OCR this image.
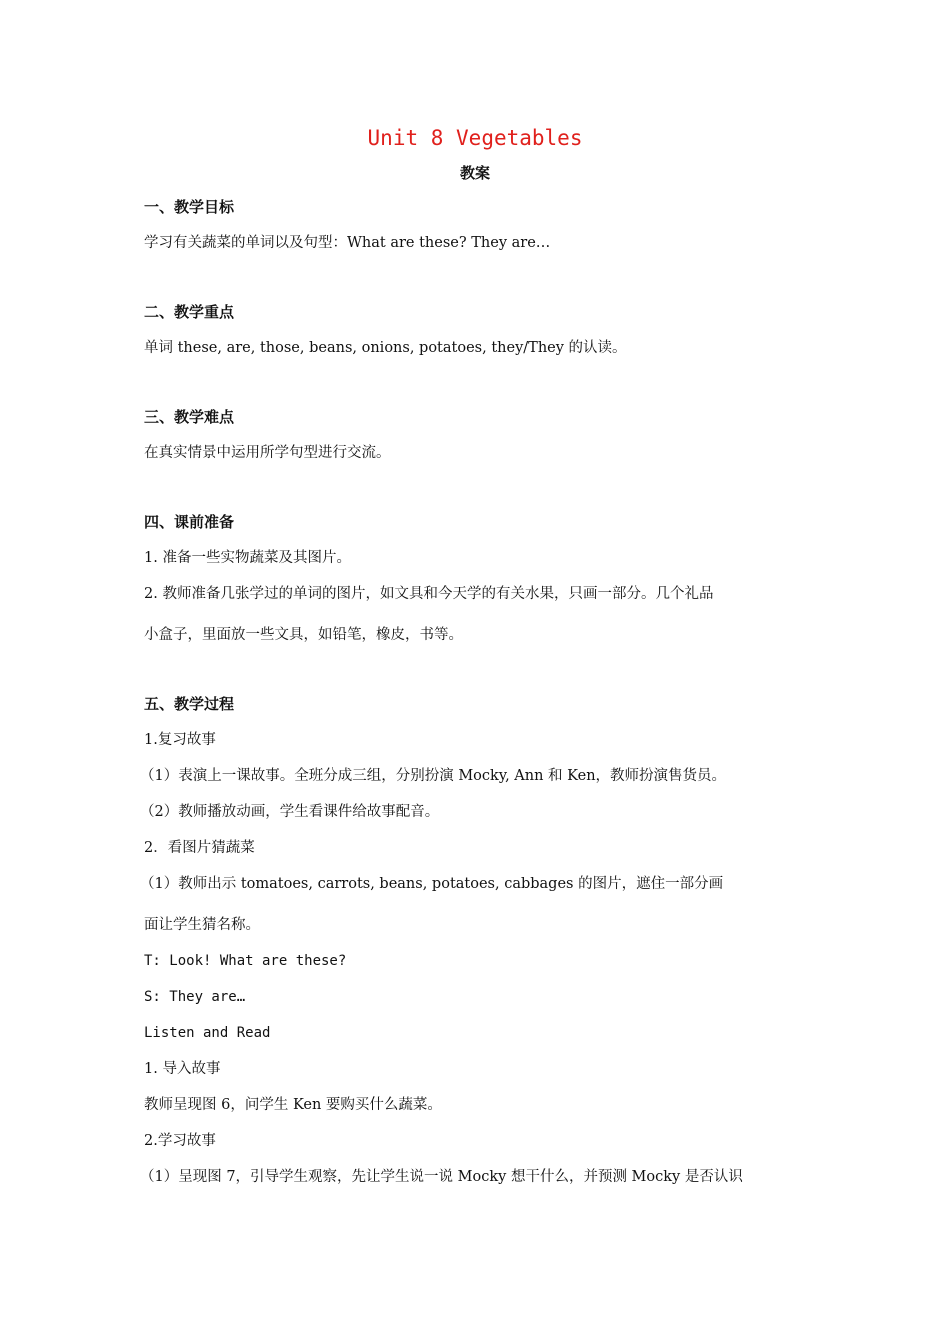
Unit 8 Vegetables
教案
一、教学目标
学习有关蔬菜的单词以及句型：What are these? They are…
二、教学重点
单词 these, are, those, beans, onions, potatoes, they/They 的认读。
三、教学难点
在真实情景中运用所学句型进行交流。
四、课前准备
1. 准备一些实物蔬菜及其图片。
2. 教师准备几张学过的单词的图片，如文具和今天学的有关水果，只画一部分。几个礼品
小盒子，里面放一些文具，如铅笔，橡皮，书等。
五、教学过程
1.复习故事
（1）表演上一课故事。全班分成三组，分别扮演 Mocky, Ann 和 Ken，教师扮演售货员。
（2）教师播放动画，学生看课件给故事配音。
2．看图片猜蔬菜
（1）教师出示 tomatoes, carrots, beans, potatoes, cabbages 的图片，遮住一部分画
面让学生猜名称。
T: Look! What are these?
S: They are…
Listen and Read
1. 导入故事
教师呈现图 6，问学生 Ken 要购买什么蔬菜。
2.学习故事
（1）呈现图 7，引导学生观察，先让学生说一说 Mocky 想干什么，并预测 Mocky 是否认识
